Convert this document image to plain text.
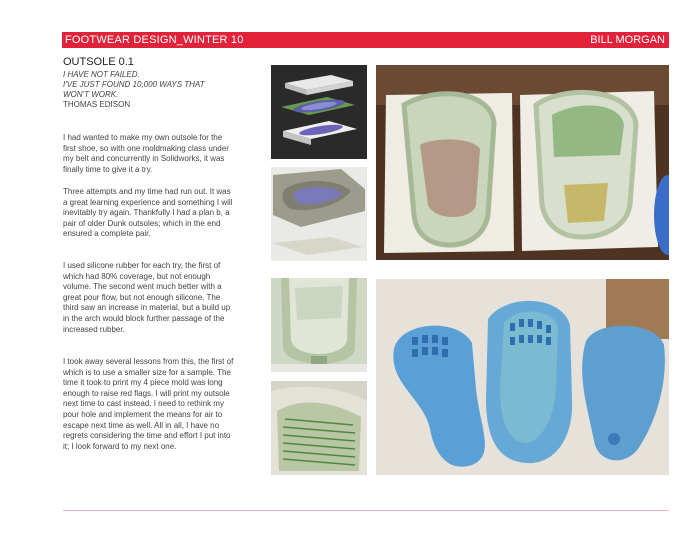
FOOTWEAR DESIGN_WINTER 10	BILL MORGAN
OUTSOLE 0.1
I HAVE NOT FAILED.
I'VE JUST FOUND 10,000 WAYS THAT
WON'T WORK.
THOMAS EDISON
I had wanted to make my own outsole for the first shoe, so with one moldmaking class under my belt and concurrently in Solidworks, it was finally time to give it a try.
Three attempts and my time had run out. It was a great learning experience and something I will inevitably try again. Thankfully I had a plan b, a pair of older Dunk outsoles; which in the end ensured a complete pair.
I used silicone rubber for each try, the first of which had 80% coverage, but not enough volume. The second went much better with a great pour flow, but not enough silicone. The third saw an increase in material, but a build up in the arch would block further passage of the increased rubber.
I took away several lessons from this, the first of which is to use a smaller size for a sample. The time it took to print my 4 piece mold was long enough to raise red flags. I will print my outsole next time to cast instead. I need to rethink my pour hole and implement the means for air to escape next time as well. All in all, I have no regrets considering the time and effort I put into it; I look forward to my next one.
